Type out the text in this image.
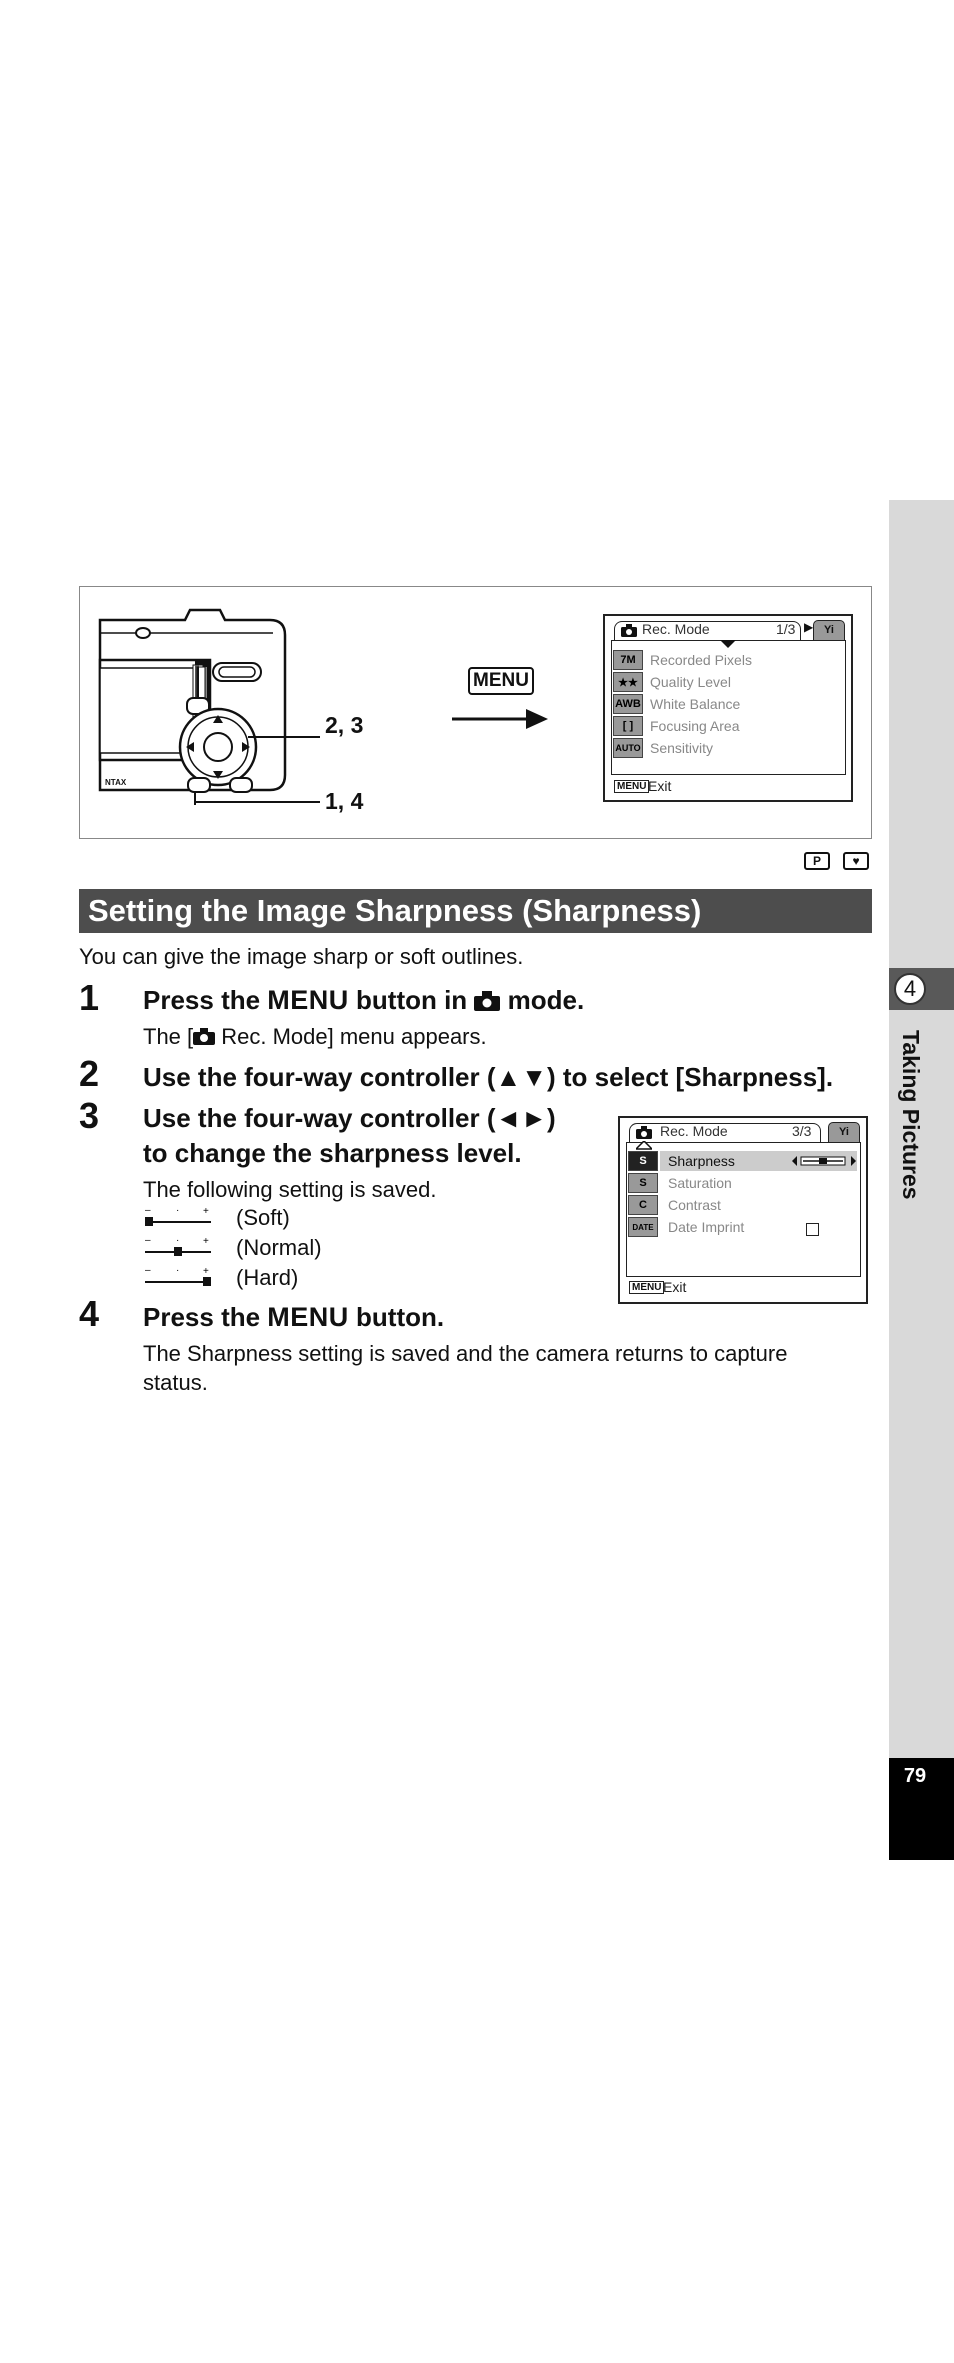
4
Taking Pictures
79
NTAX
2, 3
1, 4
MENU
Rec. Mode	1/3 ▶ Yi
7M	Recorded Pixels
★★ Quality Level
AWB White Balance
[ ]	Focusing Area
AUTO Sensitivity
MENU Exit
P	♥
Setting the Image Sharpness (Sharpness)
You can give the image sharp or soft outlines.
1 Press the MENU button in  mode.
The [ Rec. Mode] menu appears.
2 Use the four-way controller (▲▼) to select [Sharpness].
3 Use the four-way controller (◄►)
to change the sharpness level.
The following setting is saved.
–	· + (Soft)
–	· + (Normal)
–	· + (Hard)
Rec. Mode	3/3	Yi
S	Sharpness
S	Saturation
C	Contrast
DATE	Date Imprint
MENU Exit
4 Press the MENU button.
The Sharpness setting is saved and the camera returns to capture
status.
